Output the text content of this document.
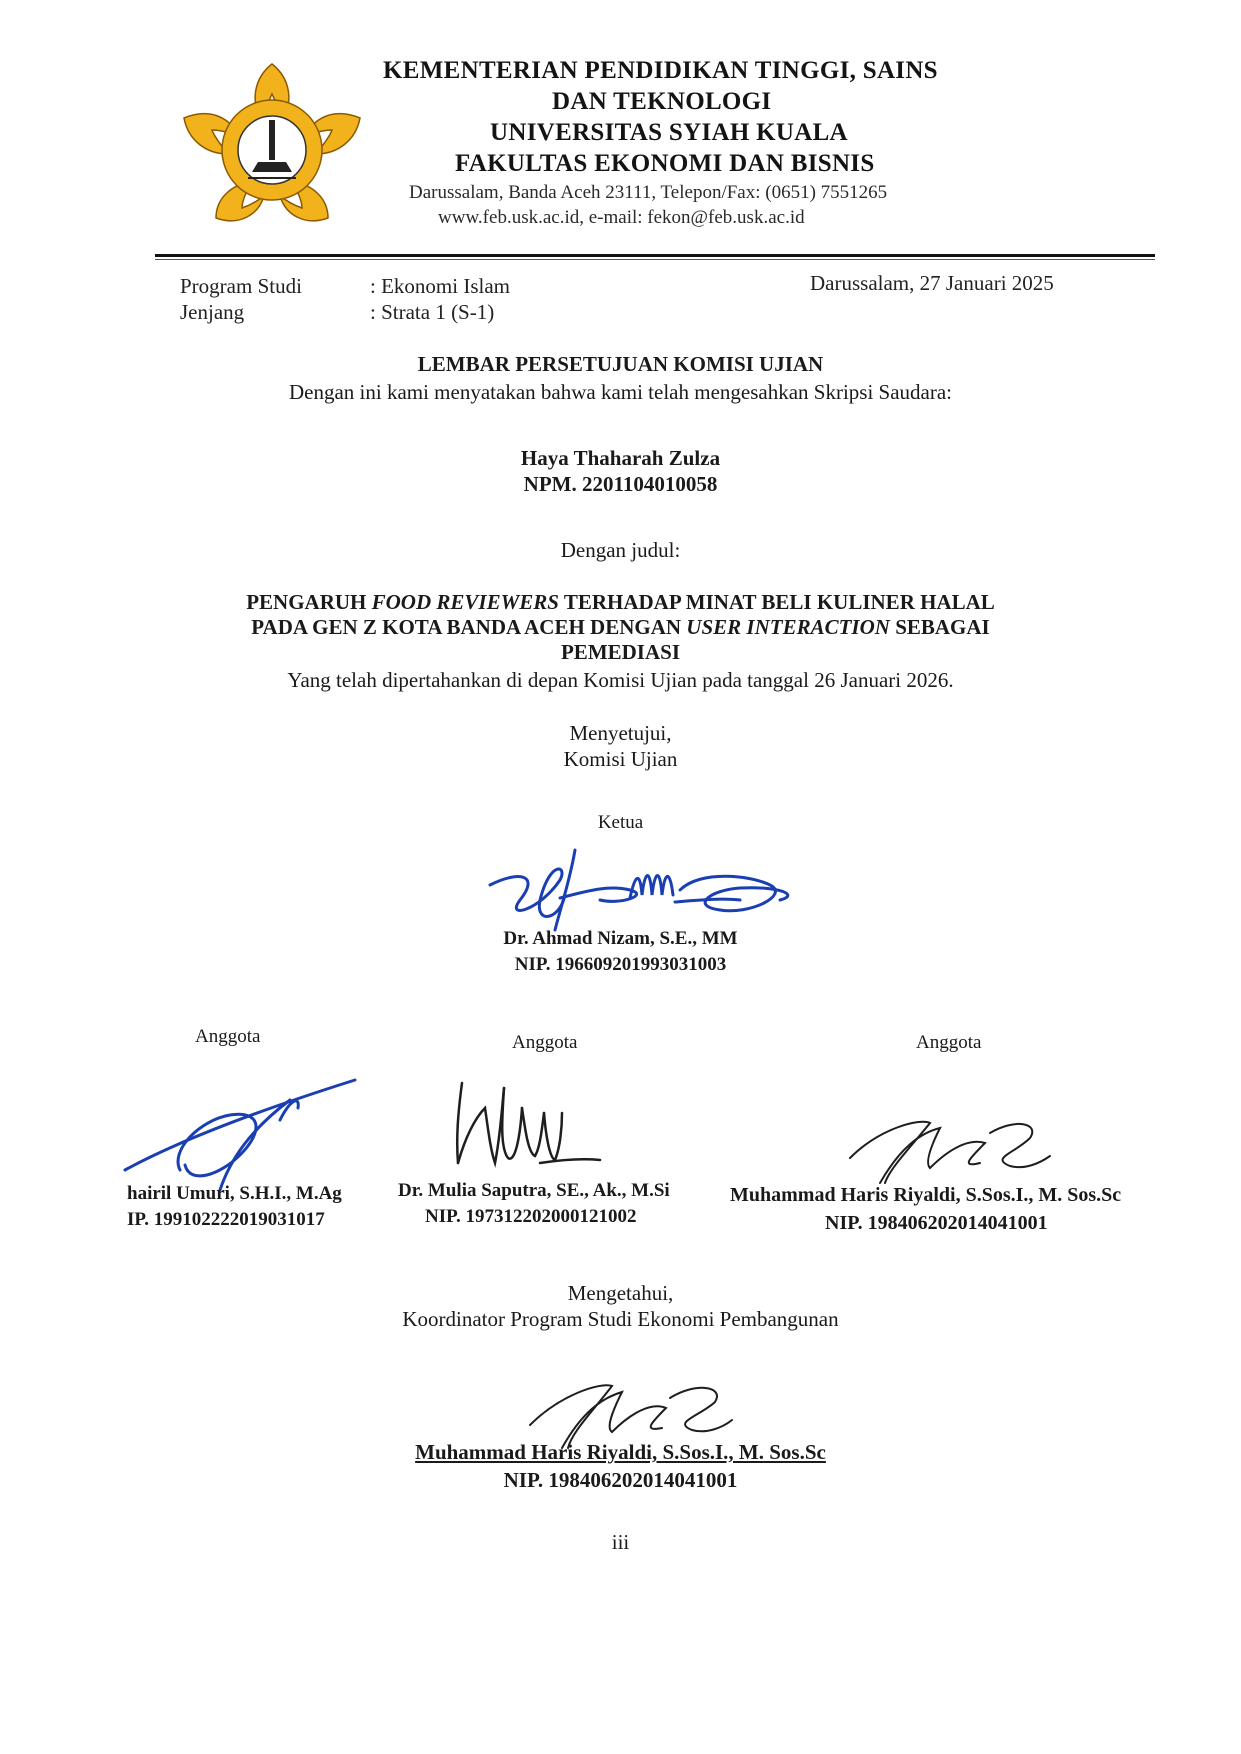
KEMENTERIAN PENDIDIKAN TINGGI, SAINS
DAN TEKNOLOGI
UNIVERSITAS SYIAH KUALA
FAKULTAS EKONOMI DAN BISNIS
Darussalam, Banda Aceh 23111, Telepon/Fax: (0651) 7551265
www.feb.usk.ac.id, e-mail: fekon@feb.usk.ac.id
Program Studi	: Ekonomi Islam
Jenjang	: Strata 1 (S-1)
Darussalam, 27 Januari 2025
LEMBAR PERSETUJUAN KOMISI UJIAN
Dengan ini kami menyatakan bahwa kami telah mengesahkan Skripsi Saudara:
Haya Thaharah Zulza
NPM. 2201104010058
Dengan judul:
PENGARUH FOOD REVIEWERS TERHADAP MINAT BELI KULINER HALAL
PADA GEN Z KOTA BANDA ACEH DENGAN USER INTERACTION SEBAGAI
PEMEDIASI
Yang telah dipertahankan di depan Komisi Ujian pada tanggal 26 Januari 2026.
Menyetujui,
Komisi Ujian
Ketua
Dr. Ahmad Nizam, S.E., MM
NIP. 196609201993031003
Anggota
hairil Umuri, S.H.I., M.Ag
IP. 199102222019031017
Anggota
Dr. Mulia Saputra, SE., Ak., M.Si
NIP. 197312202000121002
Anggota
Muhammad Haris Riyaldi, S.Sos.I., M. Sos.Sc
NIP. 198406202014041001
Mengetahui,
Koordinator Program Studi Ekonomi Pembangunan
Muhammad Haris Riyaldi, S.Sos.I., M. Sos.Sc
NIP. 198406202014041001
iii
